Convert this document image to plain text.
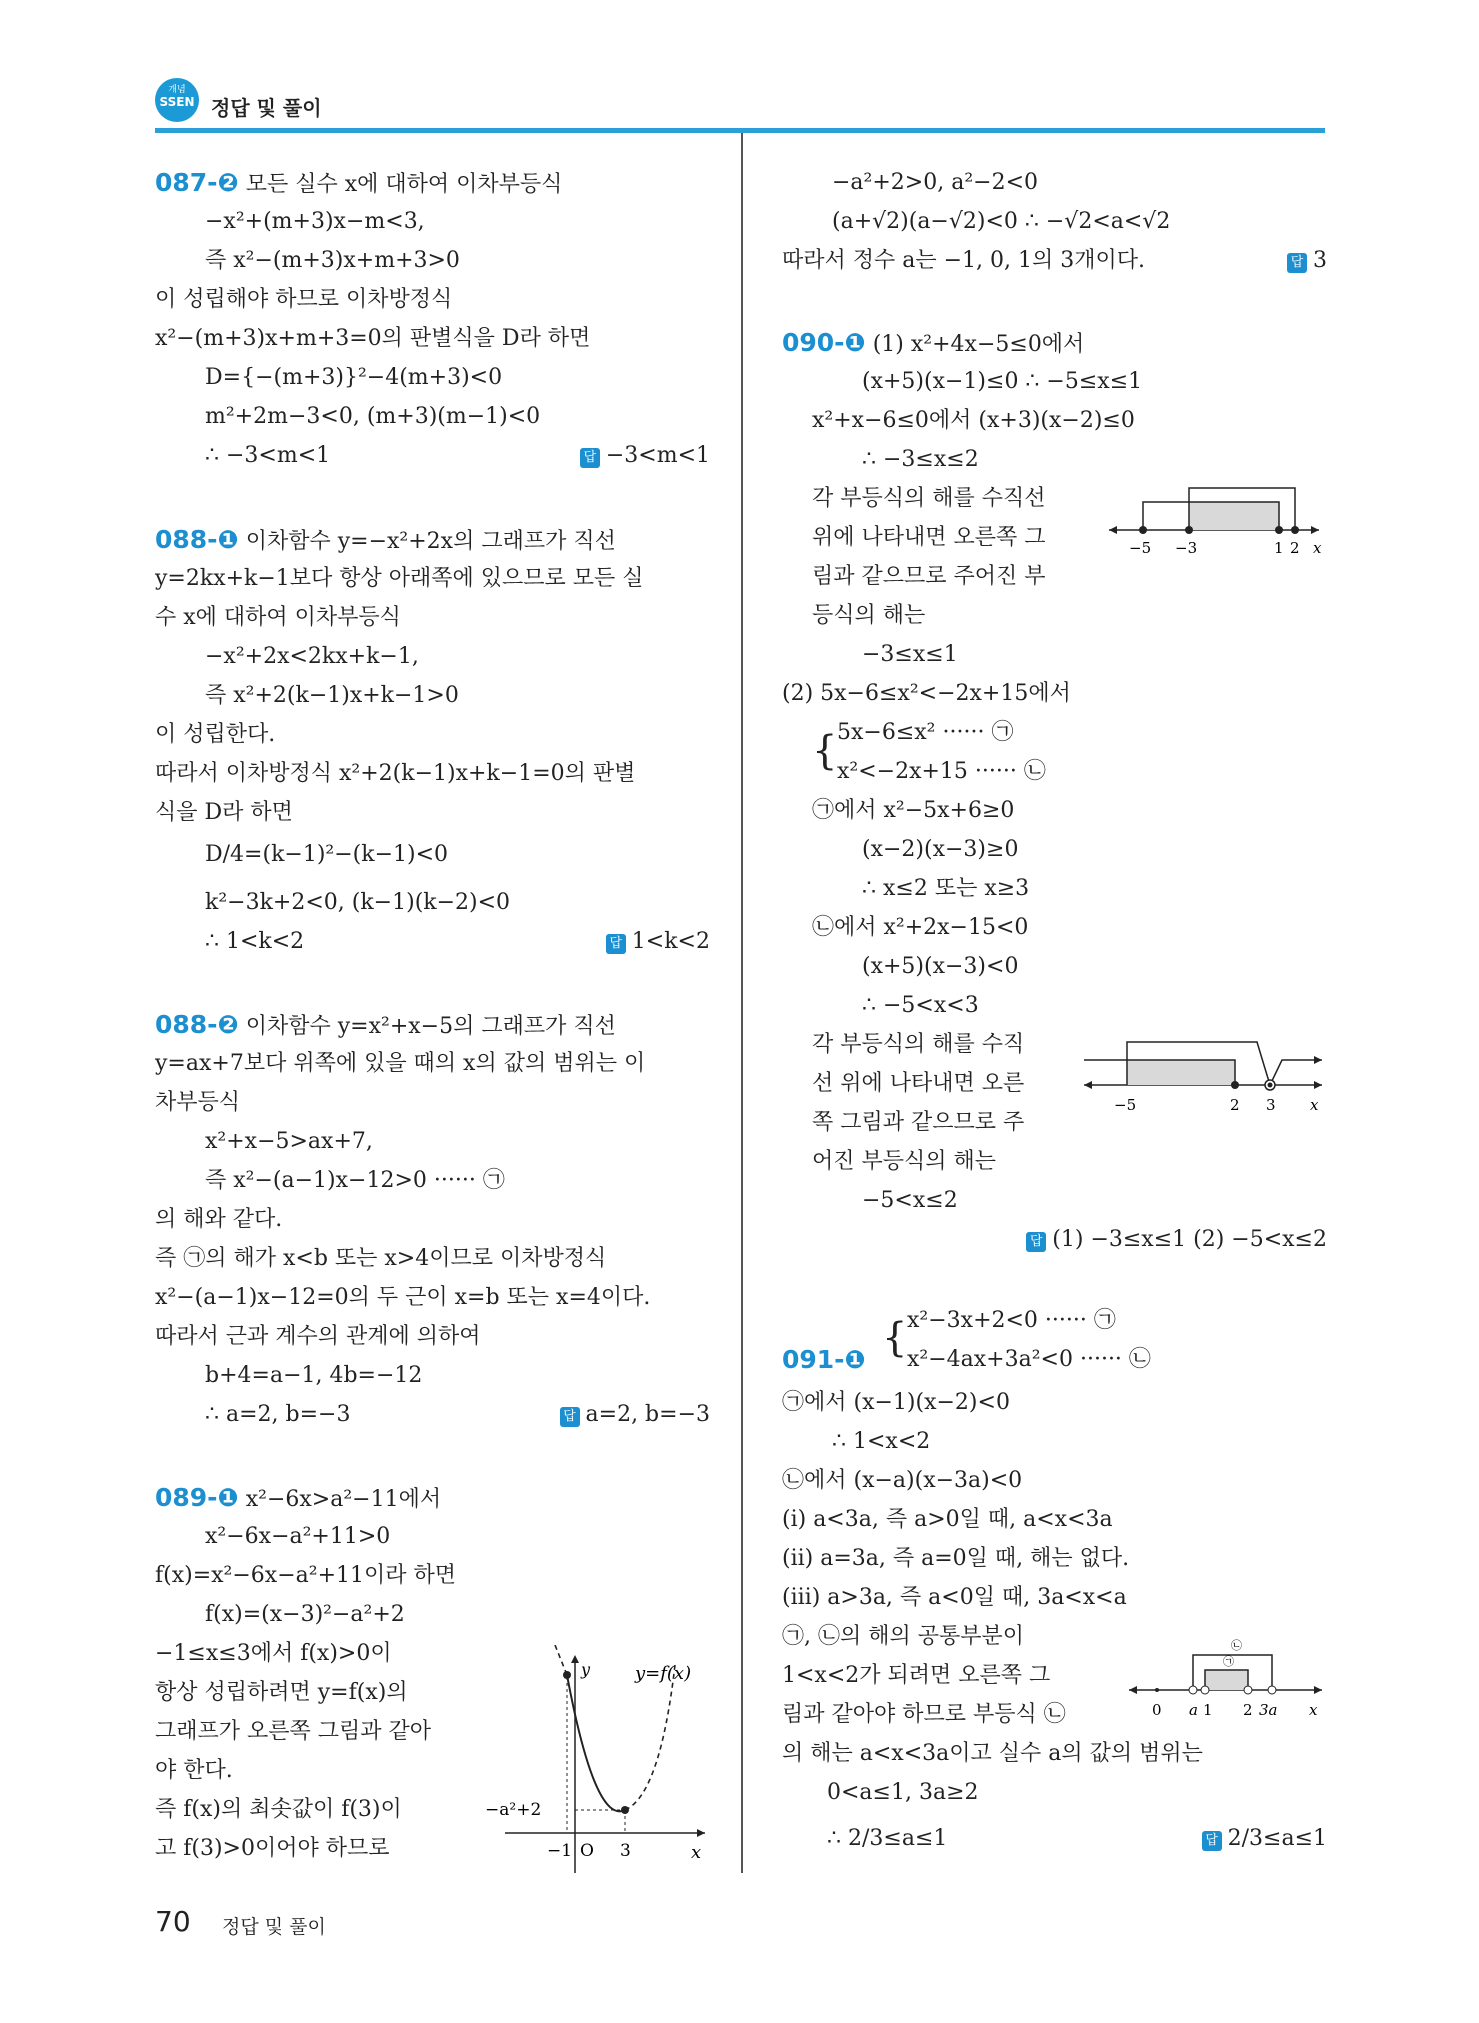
개념
SSEN 정답 및 풀이
087-❷ 모든 실수 x에 대하여 이차부등식
−x²+(m+3)x−m<3,
즉 x²−(m+3)x+m+3>0
이 성립해야 하므로 이차방정식
x²−(m+3)x+m+3=0의 판별식을 D라 하면
D={−(m+3)}²−4(m+3)<0
m²+2m−3<0, (m+3)(m−1)<0
∴ −3<m<1	답 −3<m<1
088-❶ 이차함수 y=−x²+2x의 그래프가 직선
y=2kx+k−1보다 항상 아래쪽에 있으므로 모든 실
수 x에 대하여 이차부등식
−x²+2x<2kx+k−1,
즉 x²+2(k−1)x+k−1>0
이 성립한다.
따라서 이차방정식 x²+2(k−1)x+k−1=0의 판별
식을 D라 하면
D/4=(k−1)²−(k−1)<0
k²−3k+2<0, (k−1)(k−2)<0
∴ 1<k<2	답 1<k<2
088-❷ 이차함수 y=x²+x−5의 그래프가 직선
y=ax+7보다 위쪽에 있을 때의 x의 값의 범위는 이
차부등식
x²+x−5>ax+7,
즉 x²−(a−1)x−12>0 ······ ㉠
의 해와 같다.
즉 ㉠의 해가 x<b 또는 x>4이므로 이차방정식
x²−(a−1)x−12=0의 두 근이 x=b 또는 x=4이다.
따라서 근과 계수의 관계에 의하여
b+4=a−1, 4b=−12
∴ a=2, b=−3	답 a=2, b=−3
089-❶ x²−6x>a²−11에서
x²−6x−a²+11>0
f(x)=x²−6x−a²+11이라 하면
f(x)=(x−3)²−a²+2
−1≤x≤3에서 f(x)>0이
항상 성립하려면 y=f(x)의
그래프가 오른쪽 그림과 같아
야 한다.
즉 f(x)의 최솟값이 f(3)이
고 f(3)>0이어야 하므로
y=f(x)
y
x
−a²+2
−1 O 3
−a²+2>0, a²−2<0
(a+√2)(a−√2)<0 ∴ −√2<a<√2
따라서 정수 a는 −1, 0, 1의 3개이다.	답 3
090-❶ (1) x²+4x−5≤0에서
(x+5)(x−1)≤0 ∴ −5≤x≤1
x²+x−6≤0에서 (x+3)(x−2)≤0
∴ −3≤x≤2
각 부등식의 해를 수직선
위에 나타내면 오른쪽 그
림과 같으므로 주어진 부
등식의 해는
−3≤x≤1
−5 −3	1 2 x
(2) 5x−6≤x²<−2x+15에서
{ 5x−6≤x² ······ ㉠
x²<−2x+15 ······ ㉡
㉠에서 x²−5x+6≥0
(x−2)(x−3)≥0
∴ x≤2 또는 x≥3
㉡에서 x²+2x−15<0
(x+5)(x−3)<0
∴ −5<x<3
각 부등식의 해를 수직
선 위에 나타내면 오른
쪽 그림과 같으므로 주
어진 부등식의 해는
−5<x≤2
답 (1) −3≤x≤1 (2) −5<x≤2
−5	2 3 x
{ x²−3x+2<0 ······ ㉠
091-❶ x²−4ax+3a²<0 ······ ㉡
㉠에서 (x−1)(x−2)<0
∴ 1<x<2
㉡에서 (x−a)(x−3a)<0
(ⅰ) a<3a, 즉 a>0일 때, a<x<3a
(ⅱ) a=3a, 즉 a=0일 때, 해는 없다.
(ⅲ) a>3a, 즉 a<0일 때, 3a<x<a
㉠, ㉡의 해의 공통부분이
1<x<2가 되려면 오른쪽 그
림과 같아야 하므로 부등식 ㉡
의 해는 a<x<3a이고 실수 a의 값의 범위는
0<a≤1, 3a≥2
∴ 2/3≤a≤1	답 2/3≤a≤1
㉡
㉠
0 a 1 2 3a x
70 정답 및 풀이
